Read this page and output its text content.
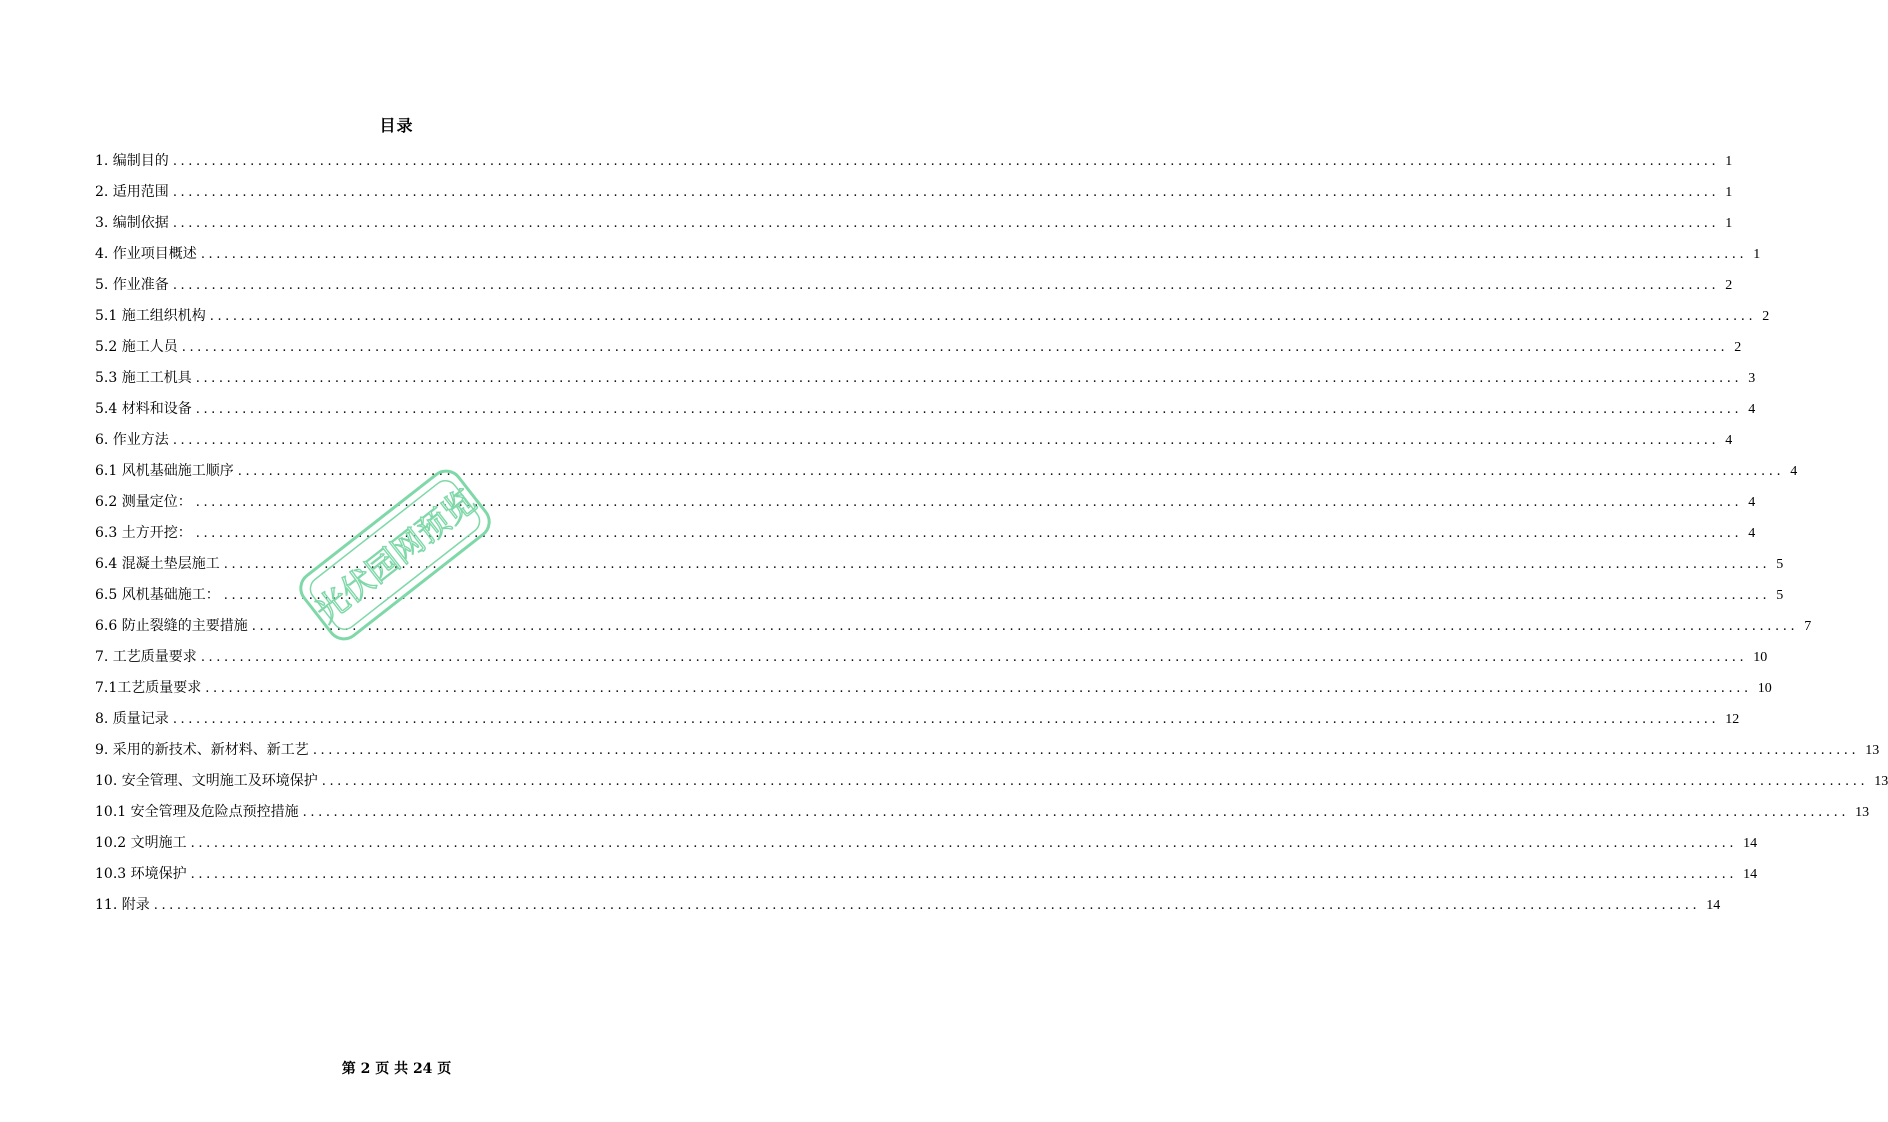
目录
1. 编制目的 ........................................................................................................................................................................................................ 1
2. 适用范围 ........................................................................................................................................................................................................ 1
3. 编制依据 ........................................................................................................................................................................................................ 1
4. 作业项目概述 ........................................................................................................................................................................................................ 1
5. 作业准备 ........................................................................................................................................................................................................ 2
5.1 施工组织机构 ........................................................................................................................................................................................................ 2
5.2 施工人员 ........................................................................................................................................................................................................ 2
5.3 施工工机具 ........................................................................................................................................................................................................ 3
5.4 材料和设备 ........................................................................................................................................................................................................ 4
6. 作业方法 ........................................................................................................................................................................................................ 4
6.1 风机基础施工顺序 ........................................................................................................................................................................................................ 4
6.2 测量定位： ........................................................................................................................................................................................................ 4
6.3 土方开挖： ........................................................................................................................................................................................................ 4
6.4 混凝土垫层施工 ........................................................................................................................................................................................................ 5
6.5 风机基础施工： ........................................................................................................................................................................................................ 5
6.6 防止裂缝的主要措施 ........................................................................................................................................................................................................ 7
7. 工艺质量要求 ........................................................................................................................................................................................................ 10
7.1工艺质量要求 ........................................................................................................................................................................................................ 10
8. 质量记录 ........................................................................................................................................................................................................ 12
9. 采用的新技术、新材料、新工艺 ........................................................................................................................................................................................................ 13
10. 安全管理、文明施工及环境保护 ........................................................................................................................................................................................................ 13
10.1 安全管理及危险点预控措施 ........................................................................................................................................................................................................ 13
10.2 文明施工 ........................................................................................................................................................................................................ 14
10.3 环境保护 ........................................................................................................................................................................................................ 14
11. 附录 ........................................................................................................................................................................................................ 14
光伏园网预览
第 2 页 共 24 页
